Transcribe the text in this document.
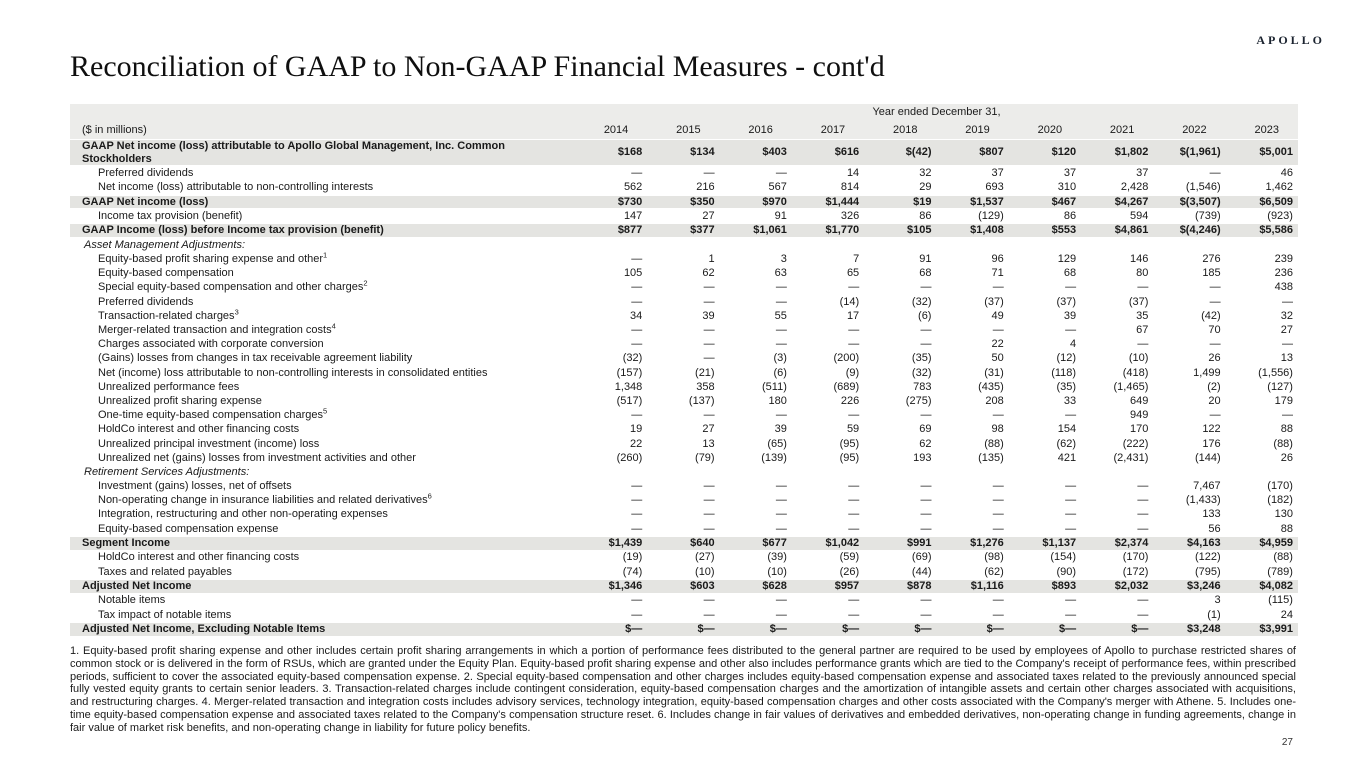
APOLLO
Reconciliation of GAAP to Non-GAAP Financial Measures - cont'd
Year ended December 31,
($ in millions)	2014	2015	2016	2017	2018	2019	2020	2021	2022	2023
GAAP Net income (loss) attributable to Apollo Global Management, Inc. Common Stockholders
$168	$134	$403	$616	$(42)	$807	$120	$1,802	$(1,961)	$5,001
Preferred dividends	—	—	—	14	32	37	37	37	—	46
Net income (loss) attributable to non-controlling interests	562	216	567	814	29	693	310	2,428	(1,546)	1,462
GAAP Net income (loss)	$730	$350	$970	$1,444	$19	$1,537	$467	$4,267	$(3,507)	$6,509
Income tax provision (benefit)	147	27	91	326	86	(129)	86	594	(739)	(923)
GAAP Income (loss) before Income tax provision (benefit)	$877	$377	$1,061	$1,770	$105	$1,408	$553	$4,861	$(4,246)	$5,586
Asset Management Adjustments:
Equity-based profit sharing expense and other$^1$	—	1	3	7	91	96	129	146	276	239
Equity-based compensation	105	62	63	65	68	71	68	80	185	236
Special equity-based compensation and other charges$^2$	—	—	—	—	—	—	—	—	—	438
Preferred dividends	—	—	—	(14)	(32)	(37)	(37)	(37)	—	—
Transaction-related charges$^3$	34	39	55	17	(6)	49	39	35	(42)	32
Merger-related transaction and integration costs$^4$	—	—	—	—	—	—	—	67	70	27
Charges associated with corporate conversion	—	—	—	—	—	22	4	—	—	—
(Gains) losses from changes in tax receivable agreement liability	(32)	—	(3)	(200)	(35)	50	(12)	(10)	26	13
Net (income) loss attributable to non-controlling interests in consolidated entities	(157)	(21)	(6)	(9)	(32)	(31)	(118)	(418)	1,499	(1,556)
Unrealized performance fees	1,348	358	(511)	(689)	783	(435)	(35)	(1,465)	(2)	(127)
Unrealized profit sharing expense	(517)	(137)	180	226	(275)	208	33	649	20	179
One-time equity-based compensation charges$^5$	—	—	—	—	—	—	—	949	—	—
HoldCo interest and other financing costs	19	27	39	59	69	98	154	170	122	88
Unrealized principal investment (income) loss	22	13	(65)	(95)	62	(88)	(62)	(222)	176	(88)
Unrealized net (gains) losses from investment activities and other	(260)	(79)	(139)	(95)	193	(135)	421	(2,431)	(144)	26
Retirement Services Adjustments:
Investment (gains) losses, net of offsets	—	—	—	—	—	—	—	—	7,467	(170)
Non-operating change in insurance liabilities and related derivatives$^6$	—	—	—	—	—	—	—	—	(1,433)	(182)
Integration, restructuring and other non-operating expenses	—	—	—	—	—	—	—	—	133	130
Equity-based compensation expense	—	—	—	—	—	—	—	—	56	88
Segment Income	$1,439	$640	$677	$1,042	$991	$1,276	$1,137	$2,374	$4,163	$4,959
HoldCo interest and other financing costs	(19)	(27)	(39)	(59)	(69)	(98)	(154)	(170)	(122)	(88)
Taxes and related payables	(74)	(10)	(10)	(26)	(44)	(62)	(90)	(172)	(795)	(789)
Adjusted Net Income	$1,346	$603	$628	$957	$878	$1,116	$893	$2,032	$3,246	$4,082
Notable items	—	—	—	—	—	—	—	—	3	(115)
Tax impact of notable items	—	—	—	—	—	—	—	—	(1)	24
Adjusted Net Income, Excluding Notable Items	$—	$—	$—	$—	$—	$—	$—	$—	$3,248	$3,991

1. Equity-based profit sharing expense and other includes certain profit sharing arrangements in which a portion of performance fees distributed to the general partner are required to be used by employees of Apollo to purchase restricted shares of common stock or is delivered in the form of RSUs, which are granted under the Equity Plan. Equity-based profit sharing expense and other also includes performance grants which are tied to the Company's receipt of performance fees, within prescribed periods, sufficient to cover the associated equity-based compensation expense. 2. Special equity-based compensation and other charges includes equity-based compensation expense and associated taxes related to the previously announced special fully vested equity grants to certain senior leaders. 3. Transaction-related charges include contingent consideration, equity-based compensation charges and the amortization of intangible assets and certain other charges associated with acquisitions, and restructuring charges. 4. Merger-related transaction and integration costs includes advisory services, technology integration, equity-based compensation charges and other costs associated with the Company's merger with Athene. 5. Includes one-time equity-based compensation expense and associated taxes related to the Company's compensation structure reset. 6. Includes change in fair values of derivatives and embedded derivatives, non-operating change in funding agreements, change in fair value of market risk benefits, and non-operating change in liability for future policy benefits.

27
